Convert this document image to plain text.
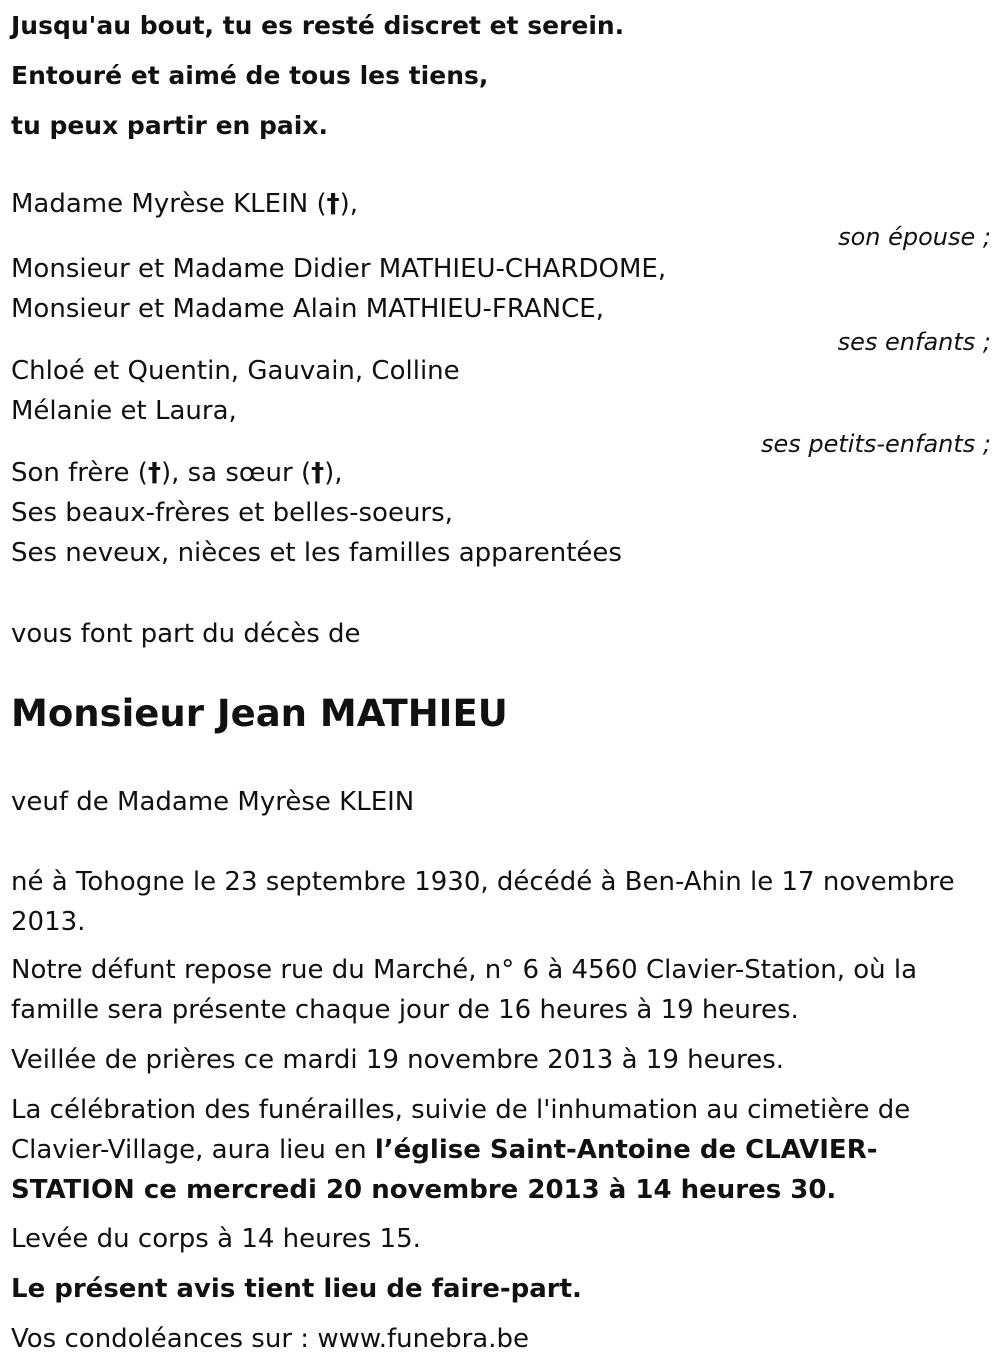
Jusqu'au bout, tu es resté discret et serein.

Entouré et aimé de tous les tiens,

tu peux partir en paix.

Madame Myrèse KLEIN (†),
son épouse ;
Monsieur et Madame Didier MATHIEU-CHARDOME,
Monsieur et Madame Alain MATHIEU-FRANCE,
ses enfants ;
Chloé et Quentin, Gauvain, Colline
Mélanie et Laura,
ses petits-enfants ;
Son frère (†), sa sœur (†),
Ses beaux-frères et belles-soeurs,
Ses neveux, nièces et les familles apparentées
vous font part du décès de
Monsieur Jean MATHIEU
veuf de Madame Myrèse KLEIN
né à Tohogne le 23 septembre 1930, décédé à Ben-Ahin le 17 novembre 2013.
Notre défunt repose rue du Marché, n° 6 à 4560 Clavier-Station, où la famille sera présente chaque jour de 16 heures à 19 heures.
Veillée de prières ce mardi 19 novembre 2013 à 19 heures.
La célébration des funérailles, suivie de l'inhumation au cimetière de Clavier-Village, aura lieu en l’église Saint-Antoine de CLAVIER-STATION ce mercredi 20 novembre 2013 à 14 heures 30.
Levée du corps à 14 heures 15.
Le présent avis tient lieu de faire-part.
Vos condoléances sur : www.funebra.be
